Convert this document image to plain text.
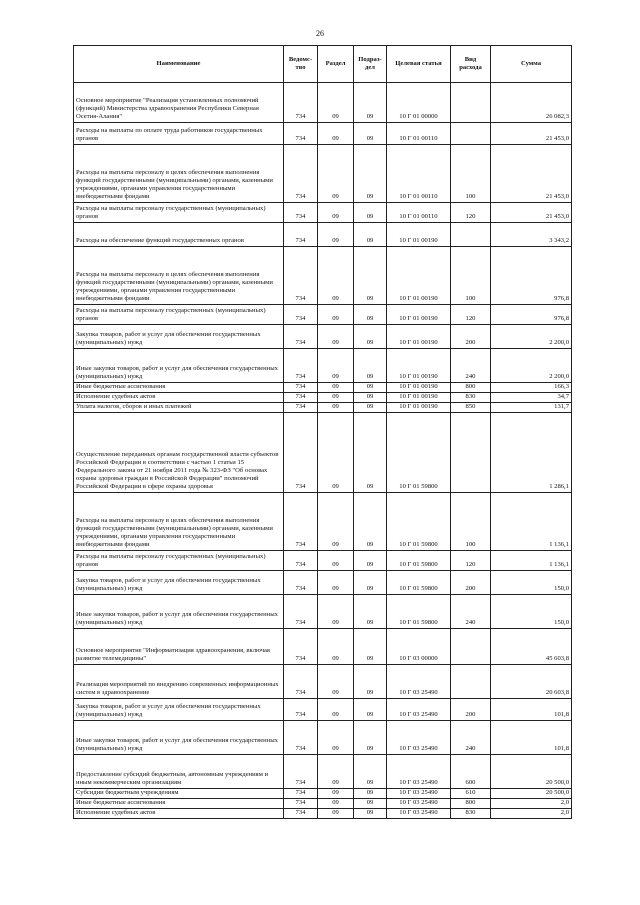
26
Наименование	Ведомс-тво	Раздел	Подраз-дел	Целевая статья	Вид расхода	Сумма
Основное мероприятие "Реализация установленных полномочий (функций) Министерства здравоохранения Республики Северная Осетия-Алания"	734	09	09	10 Г 01 00000		26 082,3
Расходы на выплаты по оплате труда работников государственных органов	734	09	09	10 Г 01 00110		21 453,0
Расходы на выплаты персоналу в целях обеспечения выполнения функций государственными (муниципальными) органами, казенными учреждениями, органами управления государственными внебюджетными фондами	734	09	09	10 Г 01 00110	100	21 453,0
Расходы на выплаты персоналу государственных (муниципальных) органов	734	09	09	10 Г 01 00110	120	21 453,0
Расходы на обеспечение функций государственных органов	734	09	09	10 Г 01 00190		3 343,2
Расходы на выплаты персоналу в целях обеспечения выполнения функций государственными (муниципальными) органами, казенными учреждениями, органами управления государственными внебюджетными фондами	734	09	09	10 Г 01 00190	100	976,8
Расходы на выплаты персоналу государственных (муниципальных) органов	734	09	09	10 Г 01 00190	120	976,8
Закупка товаров, работ и услуг для обеспечения государственных (муниципальных) нужд	734	09	09	10 Г 01 00190	200	2 200,0
Иные закупки товаров, работ и услуг для обеспечения государственных (муниципальных) нужд	734	09	09	10 Г 01 00190	240	2 200,0
Иные бюджетные ассигнования	734	09	09	10 Г 01 00190	800	166,3
Исполнение судебных актов	734	09	09	10 Г 01 00190	830	34,7
Уплата налогов, сборов и иных платежей	734	09	09	10 Г 01 00190	850	131,7
Осуществление переданных органам государственной власти субъектов Российской Федерации в соответствии с частью 1 статьи 15 Федерального закона от 21 ноября 2011 года № 323-ФЗ "Об основах охраны здоровья граждан в Российской Федерации" полномочий Российской Федерации в сфере охраны здоровья	734	09	09	10 Г 01 59800		1 286,1
Расходы на выплаты персоналу в целях обеспечения выполнения функций государственными (муниципальными) органами, казенными учреждениями, органами управления государственными внебюджетными фондами	734	09	09	10 Г 01 59800	100	1 136,1
Расходы на выплаты персоналу государственных (муниципальных) органов	734	09	09	10 Г 01 59800	120	1 136,1
Закупка товаров, работ и услуг для обеспечения государственных (муниципальных) нужд	734	09	09	10 Г 01 59800	200	150,0
Иные закупки товаров, работ и услуг для обеспечения государственных (муниципальных) нужд	734	09	09	10 Г 01 59800	240	150,0
Основное мероприятие "Информатизация здравоохранения, включая развитие телемедицины"	734	09	09	10 Г 03 00000		45 603,8
Реализация мероприятий по внедрению современных информационных систем в здравоохранение	734	09	09	10 Г 03 25490		20 603,8
Закупка товаров, работ и услуг для обеспечения государственных (муниципальных) нужд	734	09	09	10 Г 03 25490	200	101,8
Иные закупки товаров, работ и услуг для обеспечения государственных (муниципальных) нужд	734	09	09	10 Г 03 25490	240	101,8
Предоставление субсидий бюджетным, автономным учреждениям и иным некоммерческим организациям	734	09	09	10 Г 03 25490	600	20 500,0
Субсидии бюджетным учреждениям	734	09	09	10 Г 03 25490	610	20 500,0
Иные бюджетные ассигнования	734	09	09	10 Г 03 25490	800	2,0
Исполнение судебных актов	734	09	09	10 Г 03 25490	830	2,0
